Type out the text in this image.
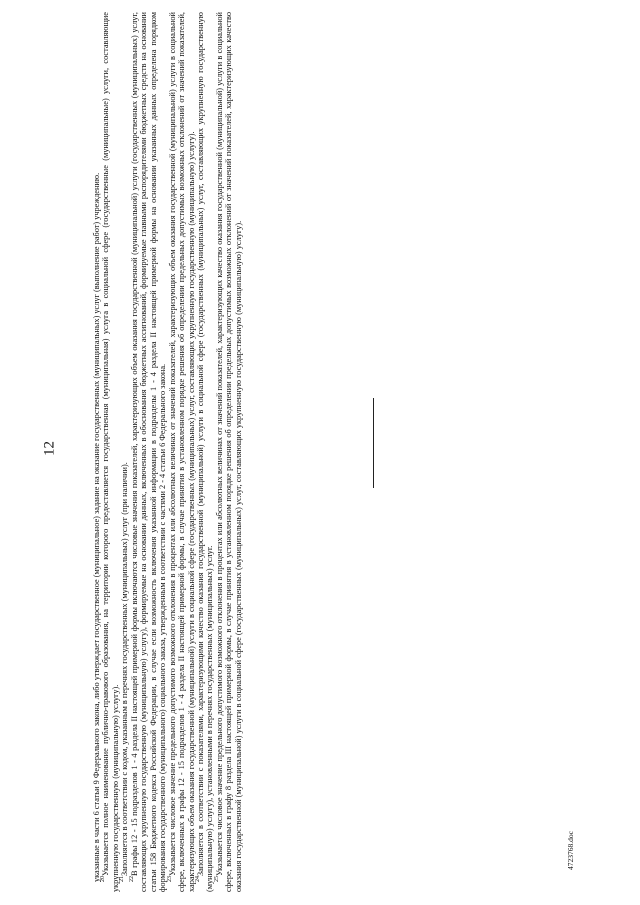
12	указанные в части 6 статьи 9 Федерального закона, либо утверждает государственное (муниципальное) задание на оказание государственных (муниципальных) услуг (выполнение работ) учреждению. $^{20}$Указывается полное наименование публично-правового образования, на территории которого предоставляется государственная (муниципальная) услуга в социальной сфере (государственные (муниципальные) услуги, составляющие укрупненную государственную (муниципальную) услугу). $^{21}$Заполняется в соответствии с кодом, указанным в перечнях государственных (муниципальных) услуг (при наличии).

$^{22}$В графы 12 - 15 подразделов 1 - 4 раздела II настоящей примерной формы включаются числовые значения показателей, характеризующих объем оказания государственной (муниципальной) услуги (государственных (муниципальных) услуг, составляющих укрупненную государственную (муниципальную) услугу), формируемые на основании данных, включенных в обоснования бюджетных ассигнований, формируемые главными распорядителями бюджетных средств на основании статьи 158 Бюджетного кодекса Российской Федерации, в случае если возможность включения указанной информации в подразделы 1 - 4 раздела II настоящей примерной формы на основании указанных данных определена порядком формирования государственного (муниципального) социального заказа, утвержденным в соответствии с частями 2 - 4 статьи 6 Федерального закона. $^{23}$Указывается числовое значение предельного допустимого возможного отклонения в процентах или абсолютных величинах от значений показателей, характеризующих объем оказания государственной (муниципальной) услуги в социальной сфере, включенных в графы 12 - 15 подразделов 1 - 4 раздела II настоящей примерной формы, в случае принятия в установленном порядке решения об определении предельных допустимых возможных отклонений от значений показателей, характеризующих объем оказания государственной (муниципальной) услуги в социальной сфере (государственных (муниципальных) услуг, составляющих укрупненную государственную (муниципальную) услугу). $^{24}$Заполняется в соответствии с показателями, характеризующими качество оказания государственной (муниципальной) услуги в социальной сфере (государственных (муниципальных) услуг, составляющих укрупненную государственную (муниципальную) услугу), установленными в перечнях государственных (муниципальных) услуг. $^{25}$Указывается числовое значение предельного допустимого возможного отклонения в процентах или абсолютных величинах от значений показателей, характеризующих качество оказания государственной (муниципальной) услуги в социальной сфере, включенных в графу 8 раздела III настоящей примерной формы, в случае принятия в установленном порядке решения об определении предельных допустимых возможных отклонений от значений показателей, характеризующих качество оказания государственной (муниципальной) услуги в социальной сфере (государственных (муниципальных) услуг, составляющих укрупненную государственную (муниципальную) услугу).	4723768.doc
